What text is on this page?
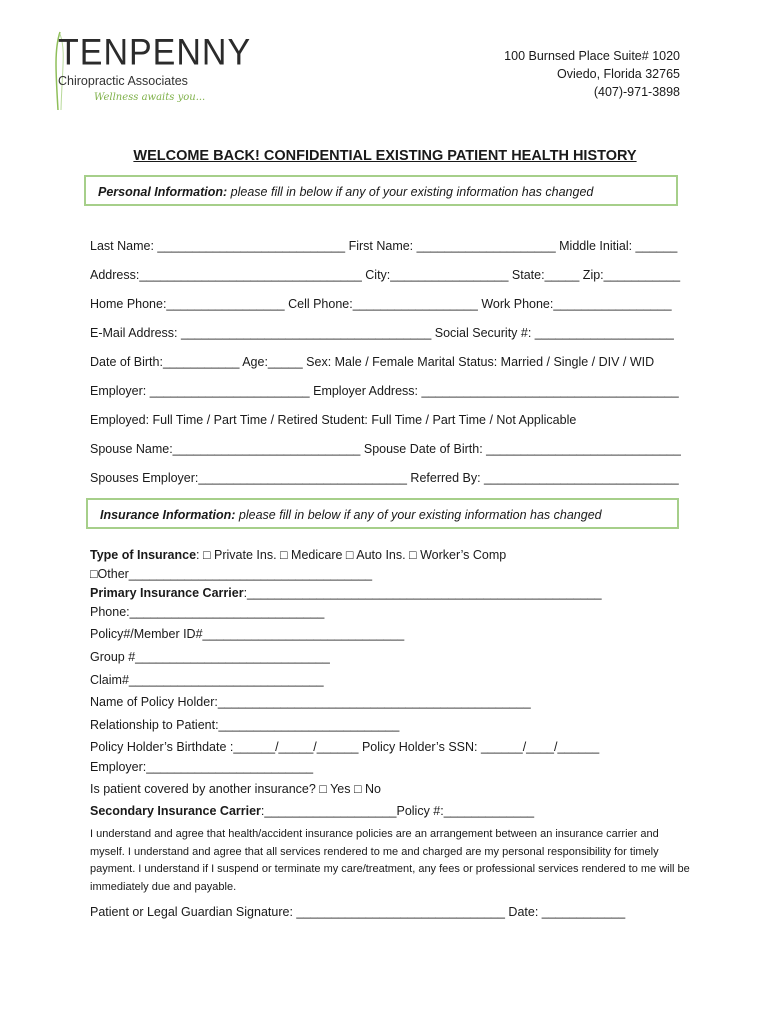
TENPENNY
Chiropractic Associates
Wellness awaits you...
100 Burnsed Place Suite# 1020
Oviedo, Florida 32765
(407)-971-3898
WELCOME BACK! CONFIDENTIAL EXISTING PATIENT HEALTH HISTORY
Personal Information: please fill in below if any of your existing information has changed
Last Name: ___________________________ First Name: ____________________ Middle Initial: ______
Address:________________________________ City:_________________ State:_____ Zip:___________
Home Phone:_________________ Cell Phone:__________________ Work Phone:_________________
E-Mail Address: ____________________________________ Social Security #: ____________________
Date of Birth:___________ Age:_____ Sex: Male / Female Marital Status: Married / Single / DIV / WID
Employer: _______________________ Employer Address: _____________________________________
Employed: Full Time / Part Time / Retired Student: Full Time / Part Time / Not Applicable
Spouse Name:___________________________ Spouse Date of Birth: ____________________________
Spouses Employer:______________________________ Referred By: ____________________________
Insurance Information: please fill in below if any of your existing information has changed
Type of Insurance: □ Private Ins. □ Medicare □ Auto Ins. □ Worker’s Comp
□Other___________________________________
Primary Insurance Carrier:___________________________________________________
Phone:____________________________
Policy#/Member ID#_____________________________
Group #____________________________
Claim#____________________________
Name of Policy Holder:_____________________________________________
Relationship to Patient:__________________________
Policy Holder’s Birthdate :______/_____/______ Policy Holder’s SSN: ______/____/______
Employer:________________________
Is patient covered by another insurance? □ Yes □ No
Secondary Insurance Carrier:___________________Policy #:_____________
I understand and agree that health/accident insurance policies are an arrangement between an insurance carrier and myself. I understand and agree that all services rendered to me and charged are my personal responsibility for timely payment. I understand if I suspend or terminate my care/treatment, any fees or professional services rendered to me will be immediately due and payable.
Patient or Legal Guardian Signature: ______________________________ Date: ____________
